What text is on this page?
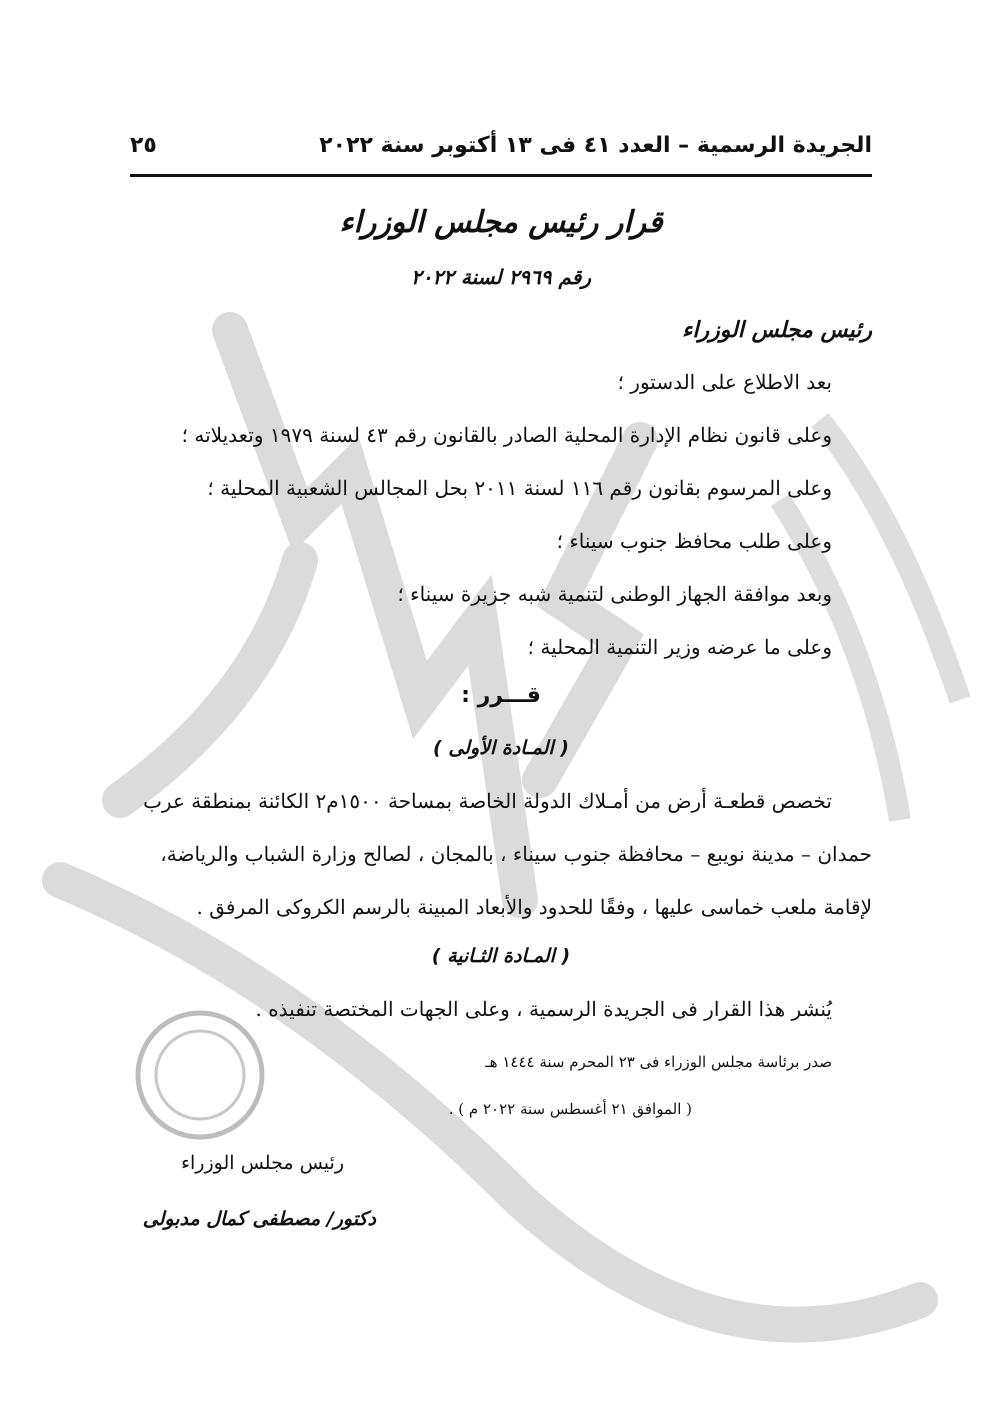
الجريدة الرسمية – العدد ٤١ فى ١٣ أكتوبر سنة ٢٠٢٢
٢٥
قرار رئيس مجلس الوزراء
رقم ٢٩٦٩ لسنة ٢٠٢٢
رئيس مجلس الوزراء
بعد الاطلاع على الدستور ؛
وعلى قانون نظام الإدارة المحلية الصادر بالقانون رقم ٤٣ لسنة ١٩٧٩ وتعديلاته ؛
وعلى المرسوم بقانون رقم ١١٦ لسنة ٢٠١١ بحل المجالس الشعبية المحلية ؛
وعلى طلب محافظ جنوب سيناء ؛
وبعد موافقة الجهاز الوطنى لتنمية شبه جزيرة سيناء ؛
وعلى ما عرضه وزير التنمية المحلية ؛
قـــرر :
( المـادة الأولى )
تخصص قطعـة أرض من أمـلاك الدولة الخاصة بمساحة ١٥٠٠م٢ الكائنة بمنطقة عرب
حمدان – مدينة نويبع – محافظة جنوب سيناء ، بالمجان ، لصالح وزارة الشباب والرياضة،
لإقامة ملعب خماسى عليها ، وفقًا للحدود والأبعاد المبينة بالرسم الكروكى المرفق .
( المـادة الثـانية )
يُنشر هذا القرار فى الجريدة الرسمية ، وعلى الجهات المختصة تنفيذه .
صدر برئاسة مجلس الوزراء فى ٢٣ المحرم سنة ١٤٤٤ هـ
( الموافق ٢١ أغسطس سنة ٢٠٢٢ م ) .
رئيس مجلس الوزراء
دكتور/ مصطفى كمال مدبولى
